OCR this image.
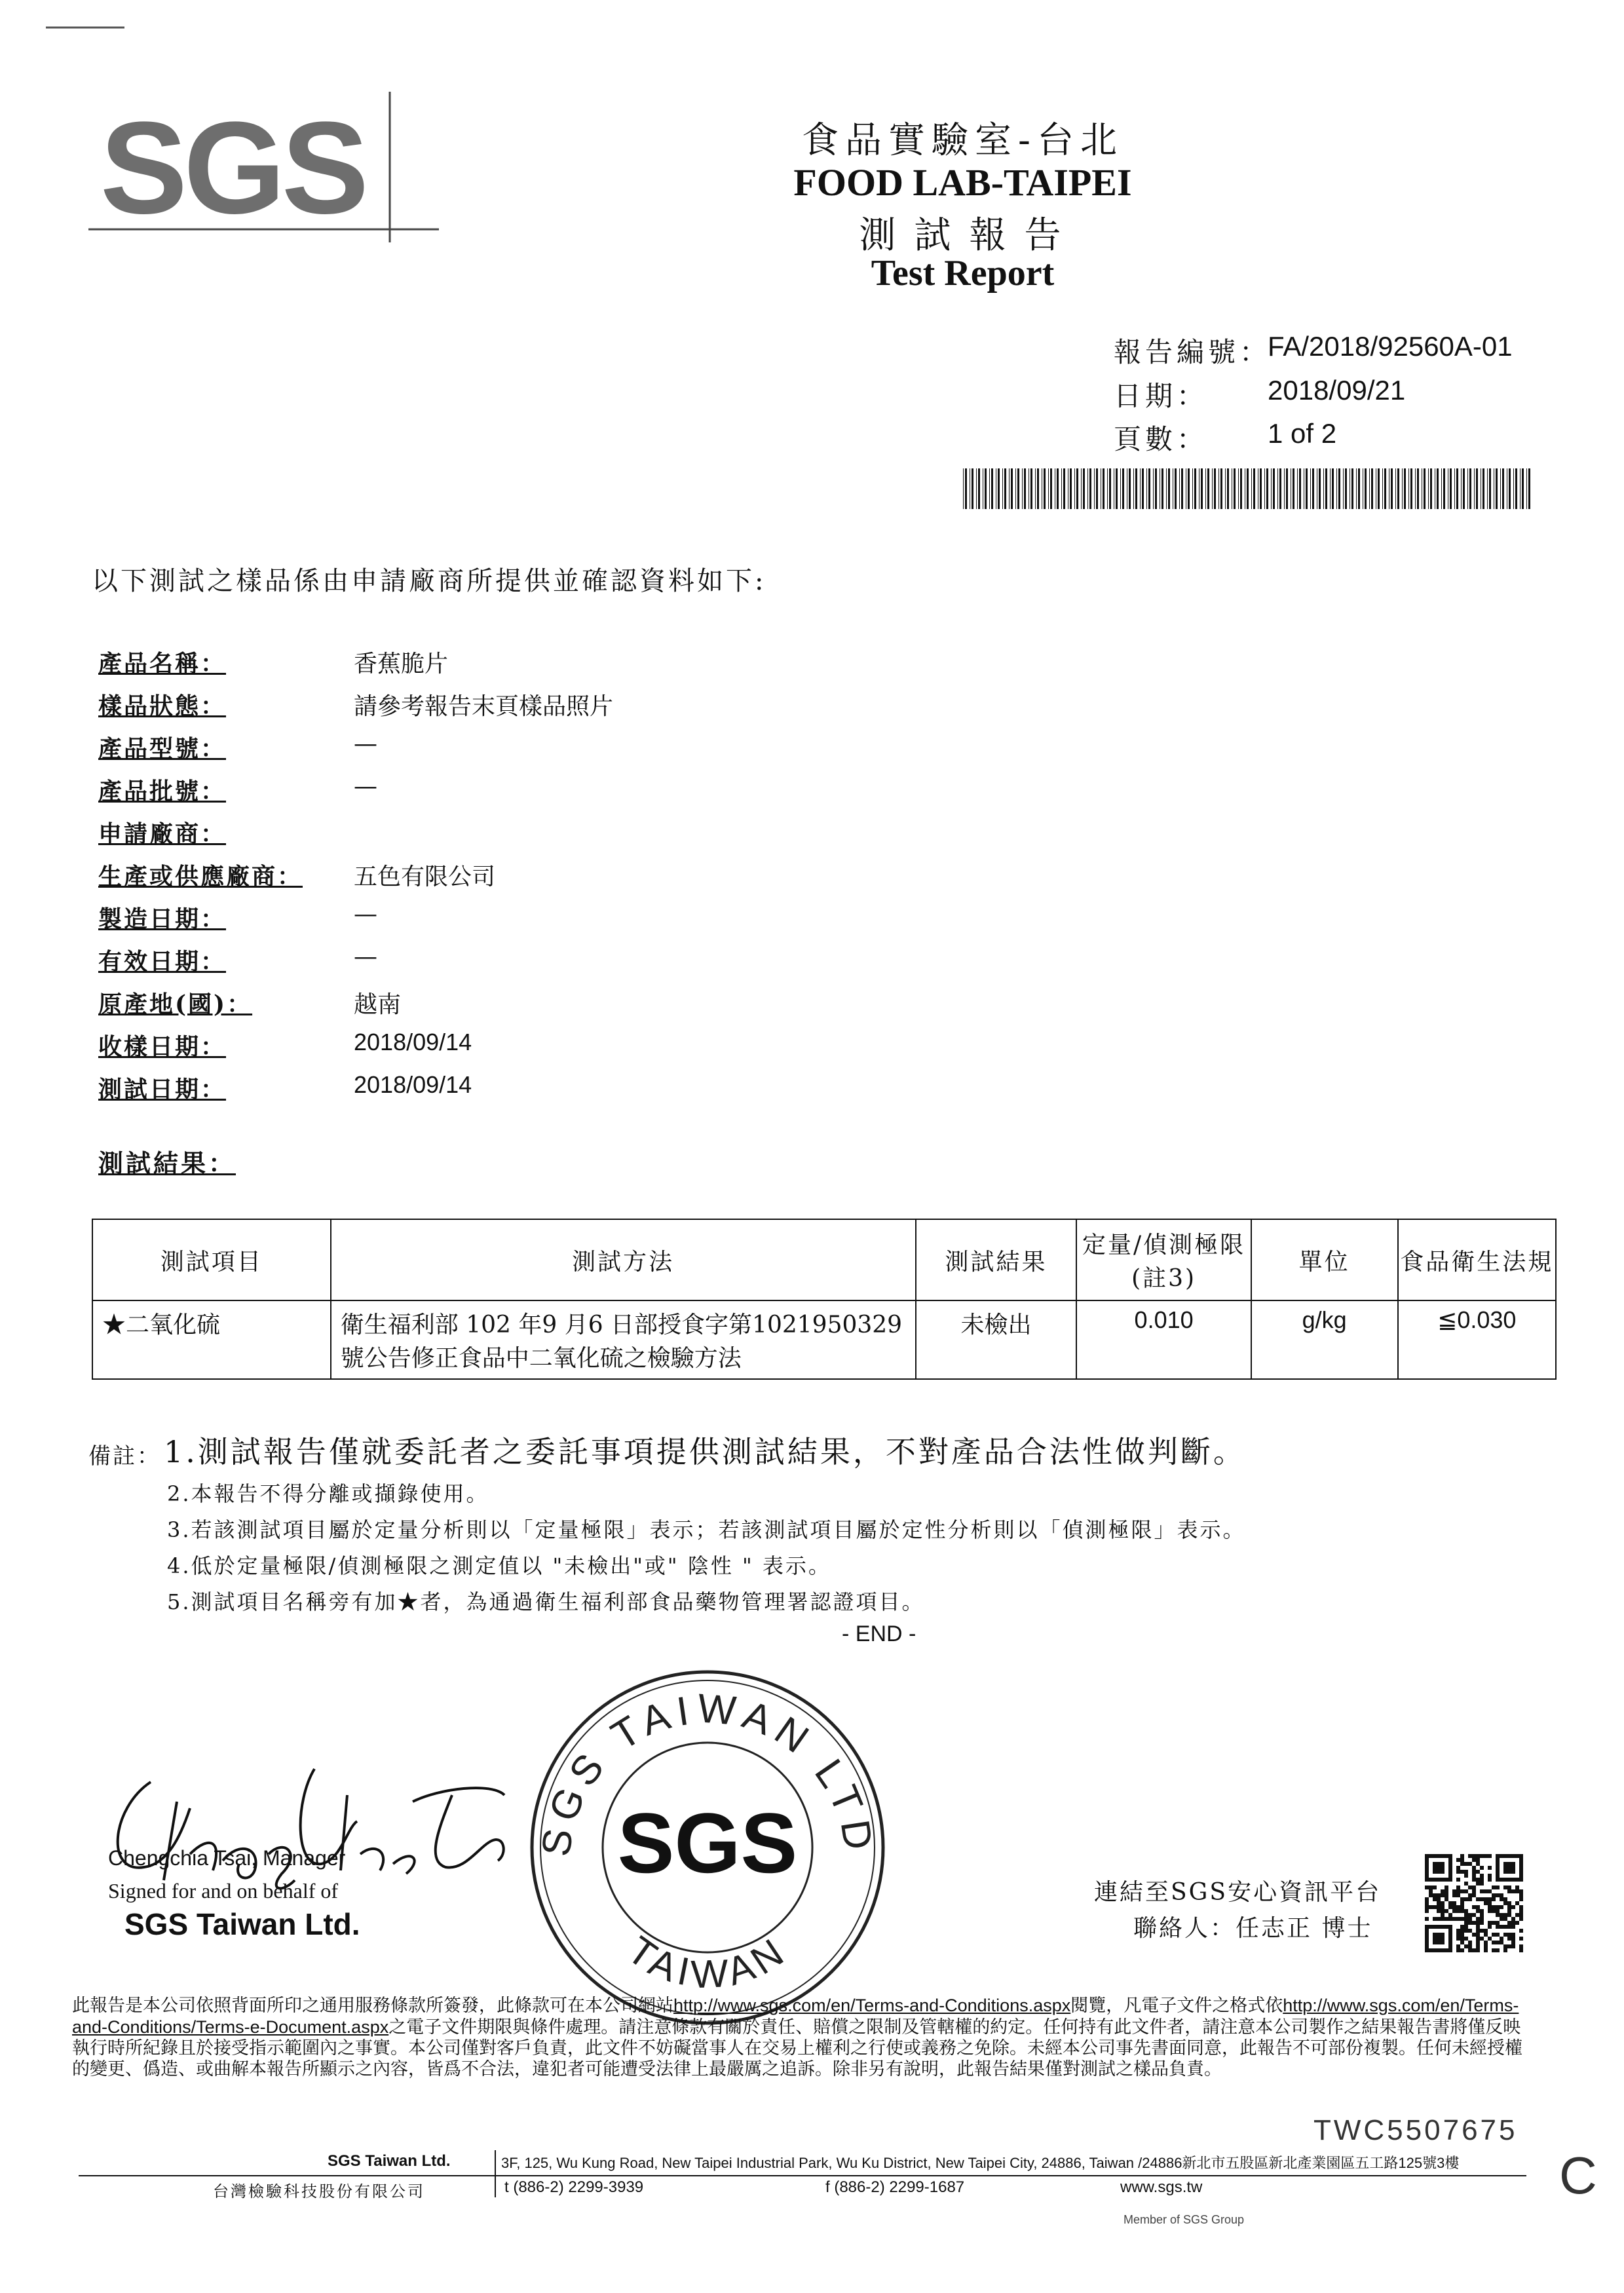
SGS	食品實驗室-台北
FOOD LAB-TAIPEI
測試報告
Test Report
報告編號：
FA/2018/92560A-01
日期： 2018/09/21
頁數： 1 of 2
以下測試之樣品係由申請廠商所提供並確認資料如下:
產品名稱：	香蕉脆片
樣品狀態：	請參考報告末頁樣品照片
產品型號：	—
產品批號：	—
申請廠商：
生產或供應廠商： 五色有限公司
製造日期：	—
有效日期：	—
原產地(國)：	越南
收樣日期：	2018/09/14
測試日期：	2018/09/14
測試結果：
測試項目	測試方法	測試結果	定量/偵測極限(註3)	單位	食品衛生法規
★二氧化硫	衛生福利部 102 年9 月6 日部授食字第1021950329號公告修正食品中二氧化硫之檢驗方法	未檢出	0.010	g/kg	≦0.030
備註： 1.測試報告僅就委託者之委託事項提供測試結果，不對產品合法性做判斷。
2.本報告不得分離或擷錄使用。
3.若該測試項目屬於定量分析則以「定量極限」表示；若該測試項目屬於定性分析則以「偵測極限」表示。
4.低於定量極限/偵測極限之測定值以 "未檢出"或" 陰性 " 表示。
5.測試項目名稱旁有加★者，為通過衛生福利部食品藥物管理署認證項目。
- END -
Chengchia Tsai, Manager
Signed for and on behalf of
SGS Taiwan Ltd.
SGS TAIWAN LTD
TAIWAN
SGS
連結至SGS安心資訊平台
聯絡人：任志正 博士
此報告是本公司依照背面所印之通用服務條款所簽發，此條款可在本公司網站http://www.sgs.com/en/Terms-and-Conditions.aspx閱覽，凡電子文件之格式依http://www.sgs.com/en/Terms-and-Conditions/Terms-e-Document.aspx之電子文件期限與條件處理。請注意條款有關於責任、賠償之限制及管轄權的約定。任何持有此文件者，請注意本公司製作之結果報告書將僅反映執行時所紀錄且於接受指示範圍內之事實。本公司僅對客戶負責，此文件不妨礙當事人在交易上權利之行使或義務之免除。未經本公司事先書面同意，此報告不可部份複製。任何未經授權的變更、僞造、或曲解本報告所顯示之內容，皆爲不合法，違犯者可能遭受法律上最嚴厲之追訴。除非另有說明，此報告結果僅對測試之樣品負責。
TWC5507675
SGS Taiwan Ltd.
台灣檢驗科技股份有限公司
3F, 125, Wu Kung Road, New Taipei Industrial Park, Wu Ku District, New Taipei City, 24886, Taiwan /24886新北市五股區新北產業園區五工路125號3樓
t (886-2) 2299-3939	f (886-2) 2299-1687	www.sgs.tw
Member of SGS Group
C
